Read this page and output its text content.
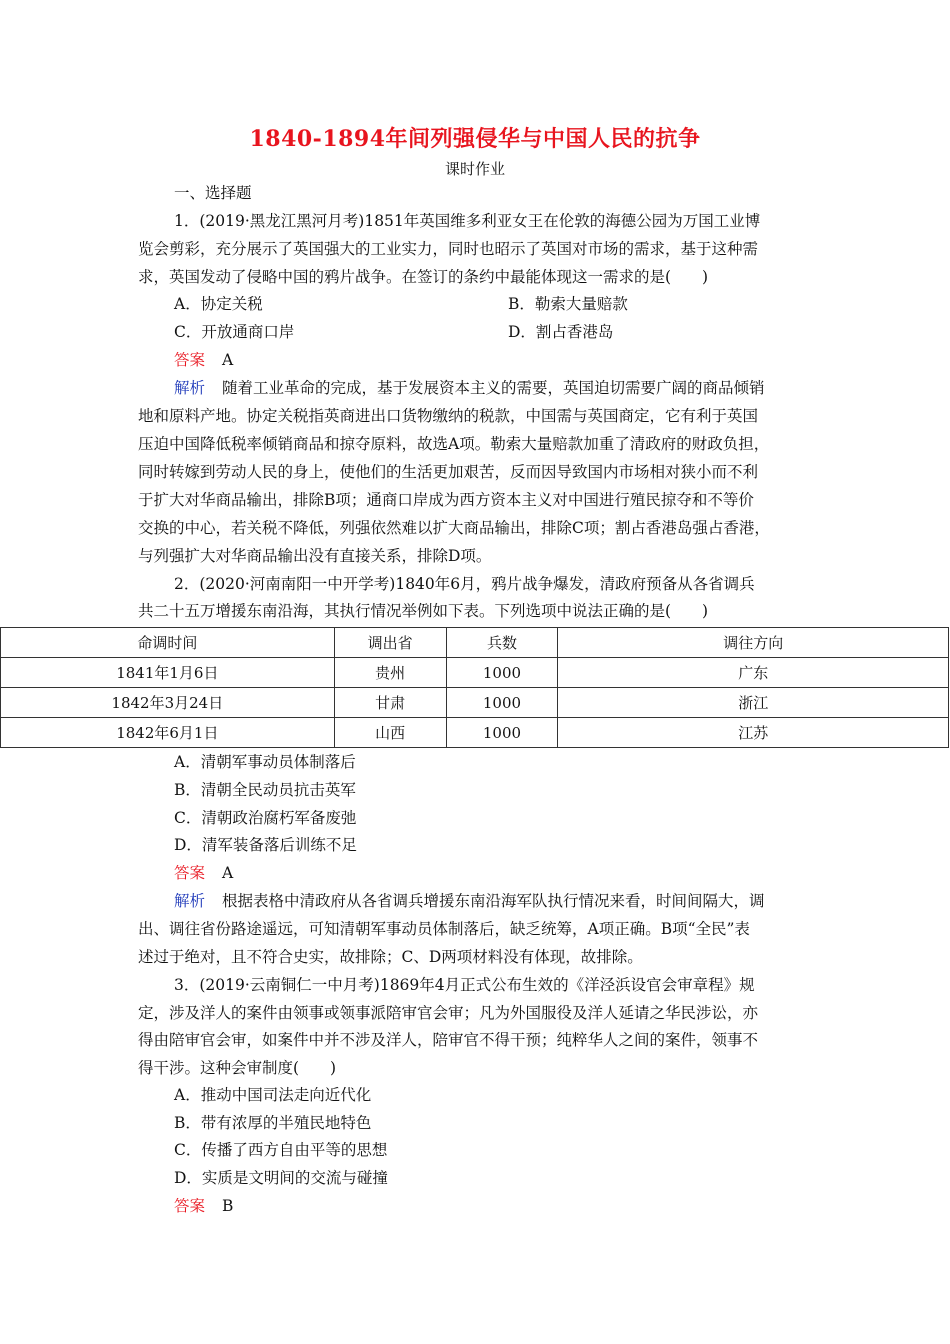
1840-1894年间列强侵华与中国人民的抗争
课时作业
一、选择题
1．(2019·黑龙江黑河月考)1851年英国维多利亚女王在伦敦的海德公园为万国工业博
览会剪彩，充分展示了英国强大的工业实力，同时也昭示了英国对市场的需求，基于这种需
求，英国发动了侵略中国的鸦片战争。在签订的条约中最能体现这一需求的是(　　)
A．协定关税	B．勒索大量赔款
C．开放通商口岸	D．割占香港岛
答案 A
解析 随着工业革命的完成，基于发展资本主义的需要，英国迫切需要广阔的商品倾销
地和原料产地。协定关税指英商进出口货物缴纳的税款，中国需与英国商定，它有利于英国
压迫中国降低税率倾销商品和掠夺原料，故选A项。勒索大量赔款加重了清政府的财政负担，
同时转嫁到劳动人民的身上，使他们的生活更加艰苦，反而因导致国内市场相对狭小而不利
于扩大对华商品输出，排除B项；通商口岸成为西方资本主义对中国进行殖民掠夺和不等价
交换的中心，若关税不降低，列强依然难以扩大商品输出，排除C项；割占香港岛强占香港，
与列强扩大对华商品输出没有直接关系，排除D项。
2．(2020·河南南阳一中开学考)1840年6月，鸦片战争爆发，清政府预备从各省调兵
共二十五万增援东南沿海，其执行情况举例如下表。下列选项中说法正确的是(　　)
命调时间	调出省	兵数	调往方向
1841年1月6日	贵州	1000	广东
1842年3月24日	甘肃	1000	浙江
1842年6月1日	山西	1000	江苏
A．清朝军事动员体制落后
B．清朝全民动员抗击英军
C．清朝政治腐朽军备废弛
D．清军装备落后训练不足
答案 A
解析 根据表格中清政府从各省调兵增援东南沿海军队执行情况来看，时间间隔大，调
出、调往省份路途遥远，可知清朝军事动员体制落后，缺乏统筹，A项正确。B项“全民”表
述过于绝对，且不符合史实，故排除；C、D两项材料没有体现，故排除。
3．(2019·云南铜仁一中月考)1869年4月正式公布生效的《洋泾浜设官会审章程》规
定，涉及洋人的案件由领事或领事派陪审官会审；凡为外国服役及洋人延请之华民涉讼，亦
得由陪审官会审，如案件中并不涉及洋人，陪审官不得干预；纯粹华人之间的案件，领事不
得干涉。这种会审制度(　　)
A．推动中国司法走向近代化
B．带有浓厚的半殖民地特色
C．传播了西方自由平等的思想
D．实质是文明间的交流与碰撞
答案 B
